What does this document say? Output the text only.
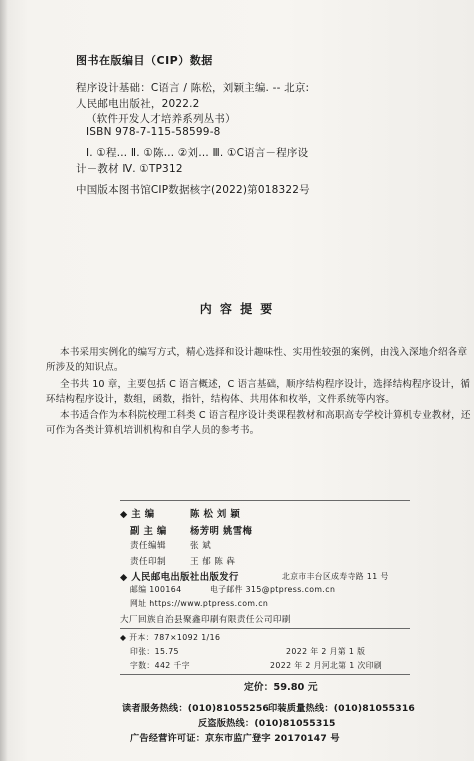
图书在版编目（CIP）数据
程序设计基础：C语言 / 陈松，刘颖主编. -- 北京:
人民邮电出版社，2022.2
（软件开发人才培养系列丛书）
ISBN 978-7-115-58599-8
Ⅰ. ①程… Ⅱ. ①陈… ②刘… Ⅲ. ①C语言－程序设
计－教材 Ⅳ. ①TP312
中国版本图书馆CIP数据核字(2022)第018322号
内 容 提 要
本书采用实例化的编写方式，精心选择和设计趣味性、实用性较强的案例，由浅入深地介绍各章
所涉及的知识点。
全书共 10 章，主要包括 C 语言概述，C 语言基础，顺序结构程序设计，选择结构程序设计，循
环结构程序设计，数组，函数，指针，结构体、共用体和枚举，文件系统等内容。
本书适合作为本科院校理工科类 C 语言程序设计类课程教材和高职高专学校计算机专业教材，还
可作为各类计算机培训机构和自学人员的参考书。
◆ 主 编	陈 松 刘 颖
副 主 编 杨芳明 姚雪梅
责任编辑	张 斌
责任印制	王 郁 陈 犇
◆ 人民邮电出版社出版发行	北京市丰台区成寿寺路 11 号
邮编 100164	电子邮件 315@ptpress.com.cn
网址 https://www.ptpress.com.cn
大厂回族自治县聚鑫印刷有限责任公司印刷
◆ 开本：787×1092 1/16
印张：15.75	2022 年 2 月第 1 版
字数：442 千字	2022 年 2 月河北第 1 次印刷
定价：59.80 元
读者服务热线：(010)81055256
印装质量热线：(010)81055316
反盗版热线：(010)81055315
广告经营许可证：京东市监广登字 20170147 号
